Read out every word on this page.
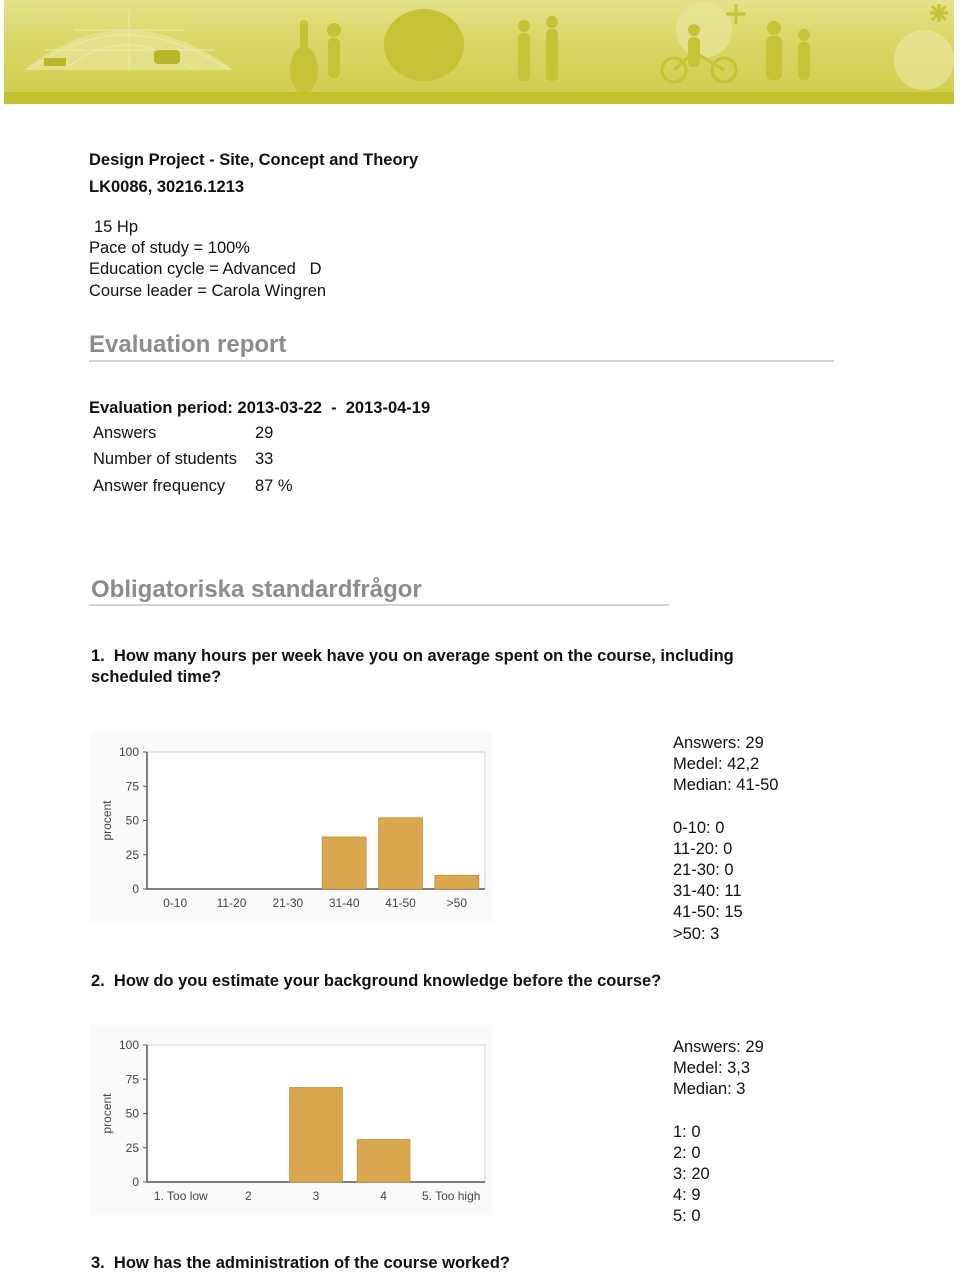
Design Project - Site, Concept and Theory
LK0086, 30216.1213
15 Hp
Pace of study = 100%
Education cycle = Advanced   D
Course leader = Carola Wingren
Evaluation report
Evaluation period: 2013-03-22  -  2013-04-19
Answers	29
Number of students 33
Answer frequency 87 %
Obligatoriska standardfrågor
1.  How many hours per week have you on average spent on the course, including
scheduled time?
100
75
50
25
0
procent
0-10 11-20 21-30 31-40 41-50	>50
Answers: 29
Medel: 42,2
Median: 41-50
0-10: 0
11-20: 0
21-30: 0
31-40: 11
41-50: 15
>50: 3
2.  How do you estimate your background knowledge before the course?
100
75
50
25
0
procent
1. Too low	2	3	4	5. Too high
Answers: 29
Medel: 3,3
Median: 3
1: 0
2: 0
3: 20
4: 9
5: 0
3.  How has the administration of the course worked?
